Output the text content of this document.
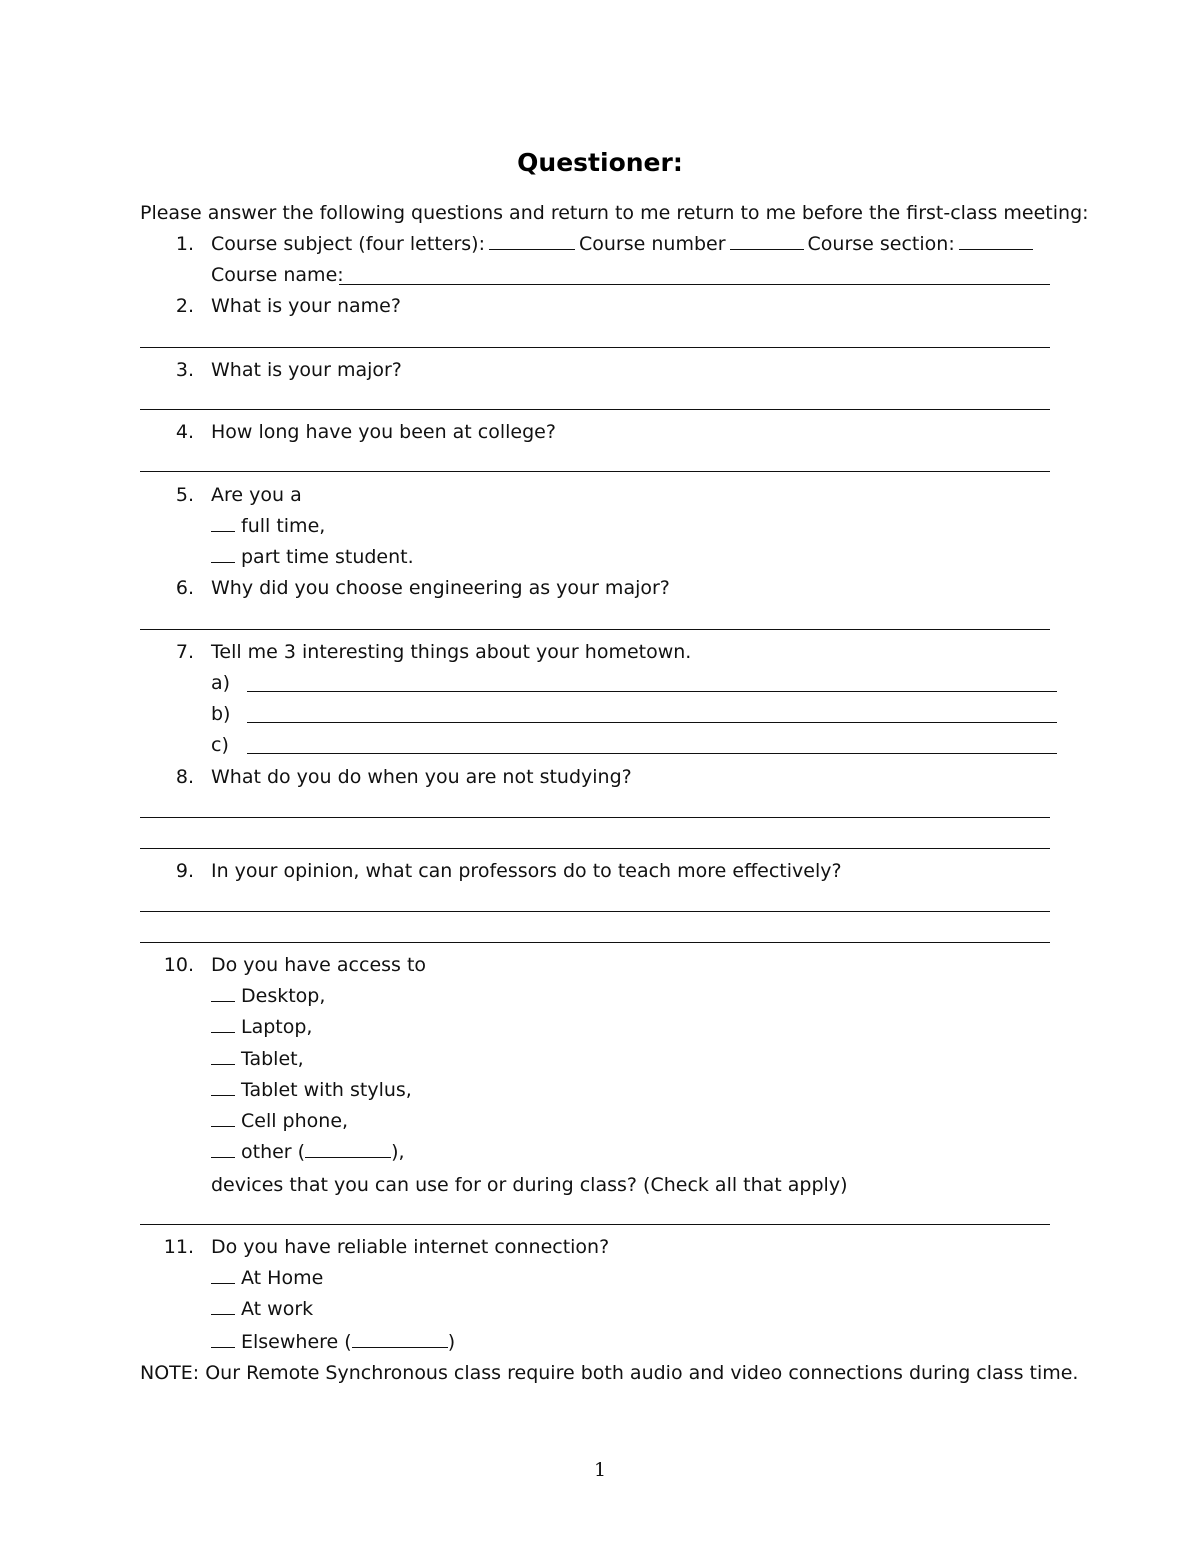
Questioner:
Please answer the following questions and return to me return to me before the first-class meeting:
1. Course subject (four letters):	Course number	Course section:
Course name:
2. What is your name?
3. What is your major?
4. How long have you been at college?
5. Are you a
full time,
part time student.
6. Why did you choose engineering as your major?
7. Tell me 3 interesting things about your hometown.
a)
b)
c)
8. What do you do when you are not studying?
9. In your opinion, what can professors do to teach more effectively?
10. Do you have access to
Desktop,
Laptop,
Tablet,
Tablet with stylus,
Cell phone,
other (	),
devices that you can use for or during class? (Check all that apply)
11. Do you have reliable internet connection?
At Home
At work
Elsewhere (	)
NOTE: Our Remote Synchronous class require both audio and video connections during class time.
1
